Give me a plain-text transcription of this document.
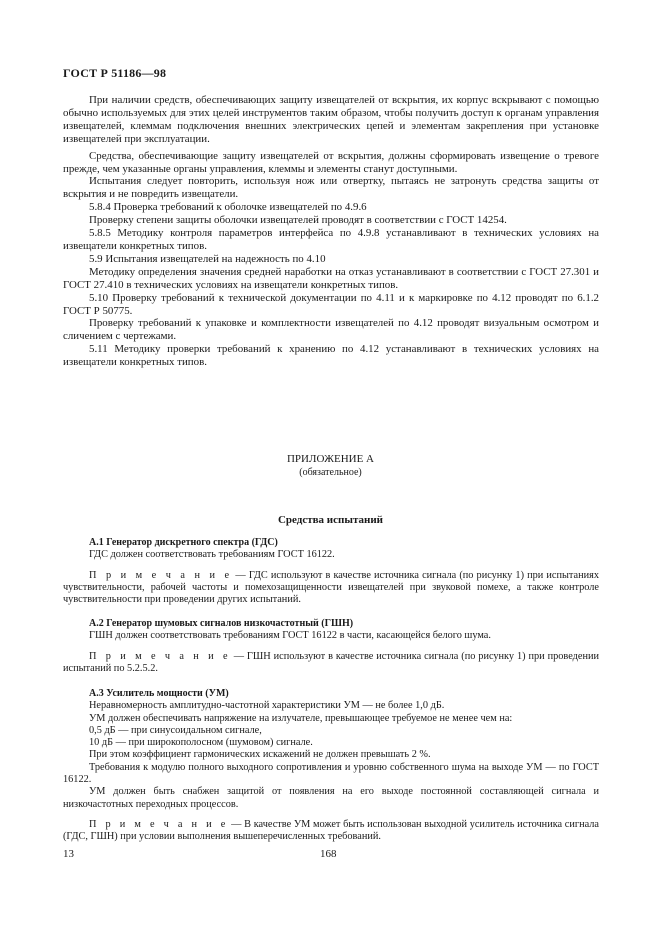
ГОСТ Р 51186—98

При наличии средств, обеспечивающих защиту извещателей от вскрытия, их корпус вскрывают с помощью обычно используемых для этих целей инструментов таким образом, чтобы получить доступ к органам управления извещателей, клеммам подключения внешних электрических цепей и элементам закрепления при установке извещателей при эксплуатации.

Средства, обеспечивающие защиту извещателей от вскрытия, должны сформировать извещение о тревоге прежде, чем указанные органы управления, клеммы и элементы станут доступными.

Испытания следует повторить, используя нож или отвертку, пытаясь не затронуть средства защиты от вскрытия и не повредить извещатели.

5.8.4 Проверка требований к оболочке извещателей по 4.9.6

Проверку степени защиты оболочки извещателей проводят в соответствии с ГОСТ 14254.

5.8.5 Методику контроля параметров интерфейса по 4.9.8 устанавливают в технических условиях на извещатели конкретных типов.

5.9 Испытания извещателей на надежность по 4.10

Методику определения значения средней наработки на отказ устанавливают в соответствии с ГОСТ 27.301 и ГОСТ 27.410 в технических условиях на извещатели конкретных типов.

5.10 Проверку требований к технической документации по 4.11 и к маркировке по 4.12 проводят по 6.1.2 ГОСТ Р 50775.

Проверку требований к упаковке и комплектности извещателей по 4.12 проводят визуальным осмотром и сличением с чертежами.

5.11 Методику проверки требований к хранению по 4.12 устанавливают в технических условиях на извещатели конкретных типов.

ПРИЛОЖЕНИЕ А
(обязательное)
Средства испытаний

А.1 Генератор дискретного спектра (ГДС)

ГДС должен соответствовать требованиям ГОСТ 16122.

П р и м е ч а н и е — ГДС используют в качестве источника сигнала (по рисунку 1) при испытаниях чувствительности, рабочей частоты и помехозащищенности извещателей при звуковой помехе, а также контроле чувствительности при проведении других испытаний.

А.2 Генератор шумовых сигналов низкочастотный (ГШН)

ГШН должен соответствовать требованиям ГОСТ 16122 в части, касающейся белого шума.

П р и м е ч а н и е — ГШН используют в качестве источника сигнала (по рисунку 1) при проведении испытаний по 5.2.5.2.

А.3 Усилитель мощности (УМ)

Неравномерность амплитудно-частотной характеристики УМ — не более 1,0 дБ.

УМ должен обеспечивать напряжение на излучателе, превышающее требуемое не менее чем на:

0,5 дБ — при синусоидальном сигнале,

10 дБ — при широкополосном (шумовом) сигнале.

При этом коэффициент гармонических искажений не должен превышать 2 %.

Требования к модулю полного выходного сопротивления и уровню собственного шума на выходе УМ — по ГОСТ 16122.

УМ должен быть снабжен защитой от появления на его выходе постоянной составляющей сигнала и низкочастотных переходных процессов.

П р и м е ч а н и е — В качестве УМ может быть использован выходной усилитель источника сигнала (ГДС, ГШН) при условии выполнения вышеперечисленных требований.

13	168
